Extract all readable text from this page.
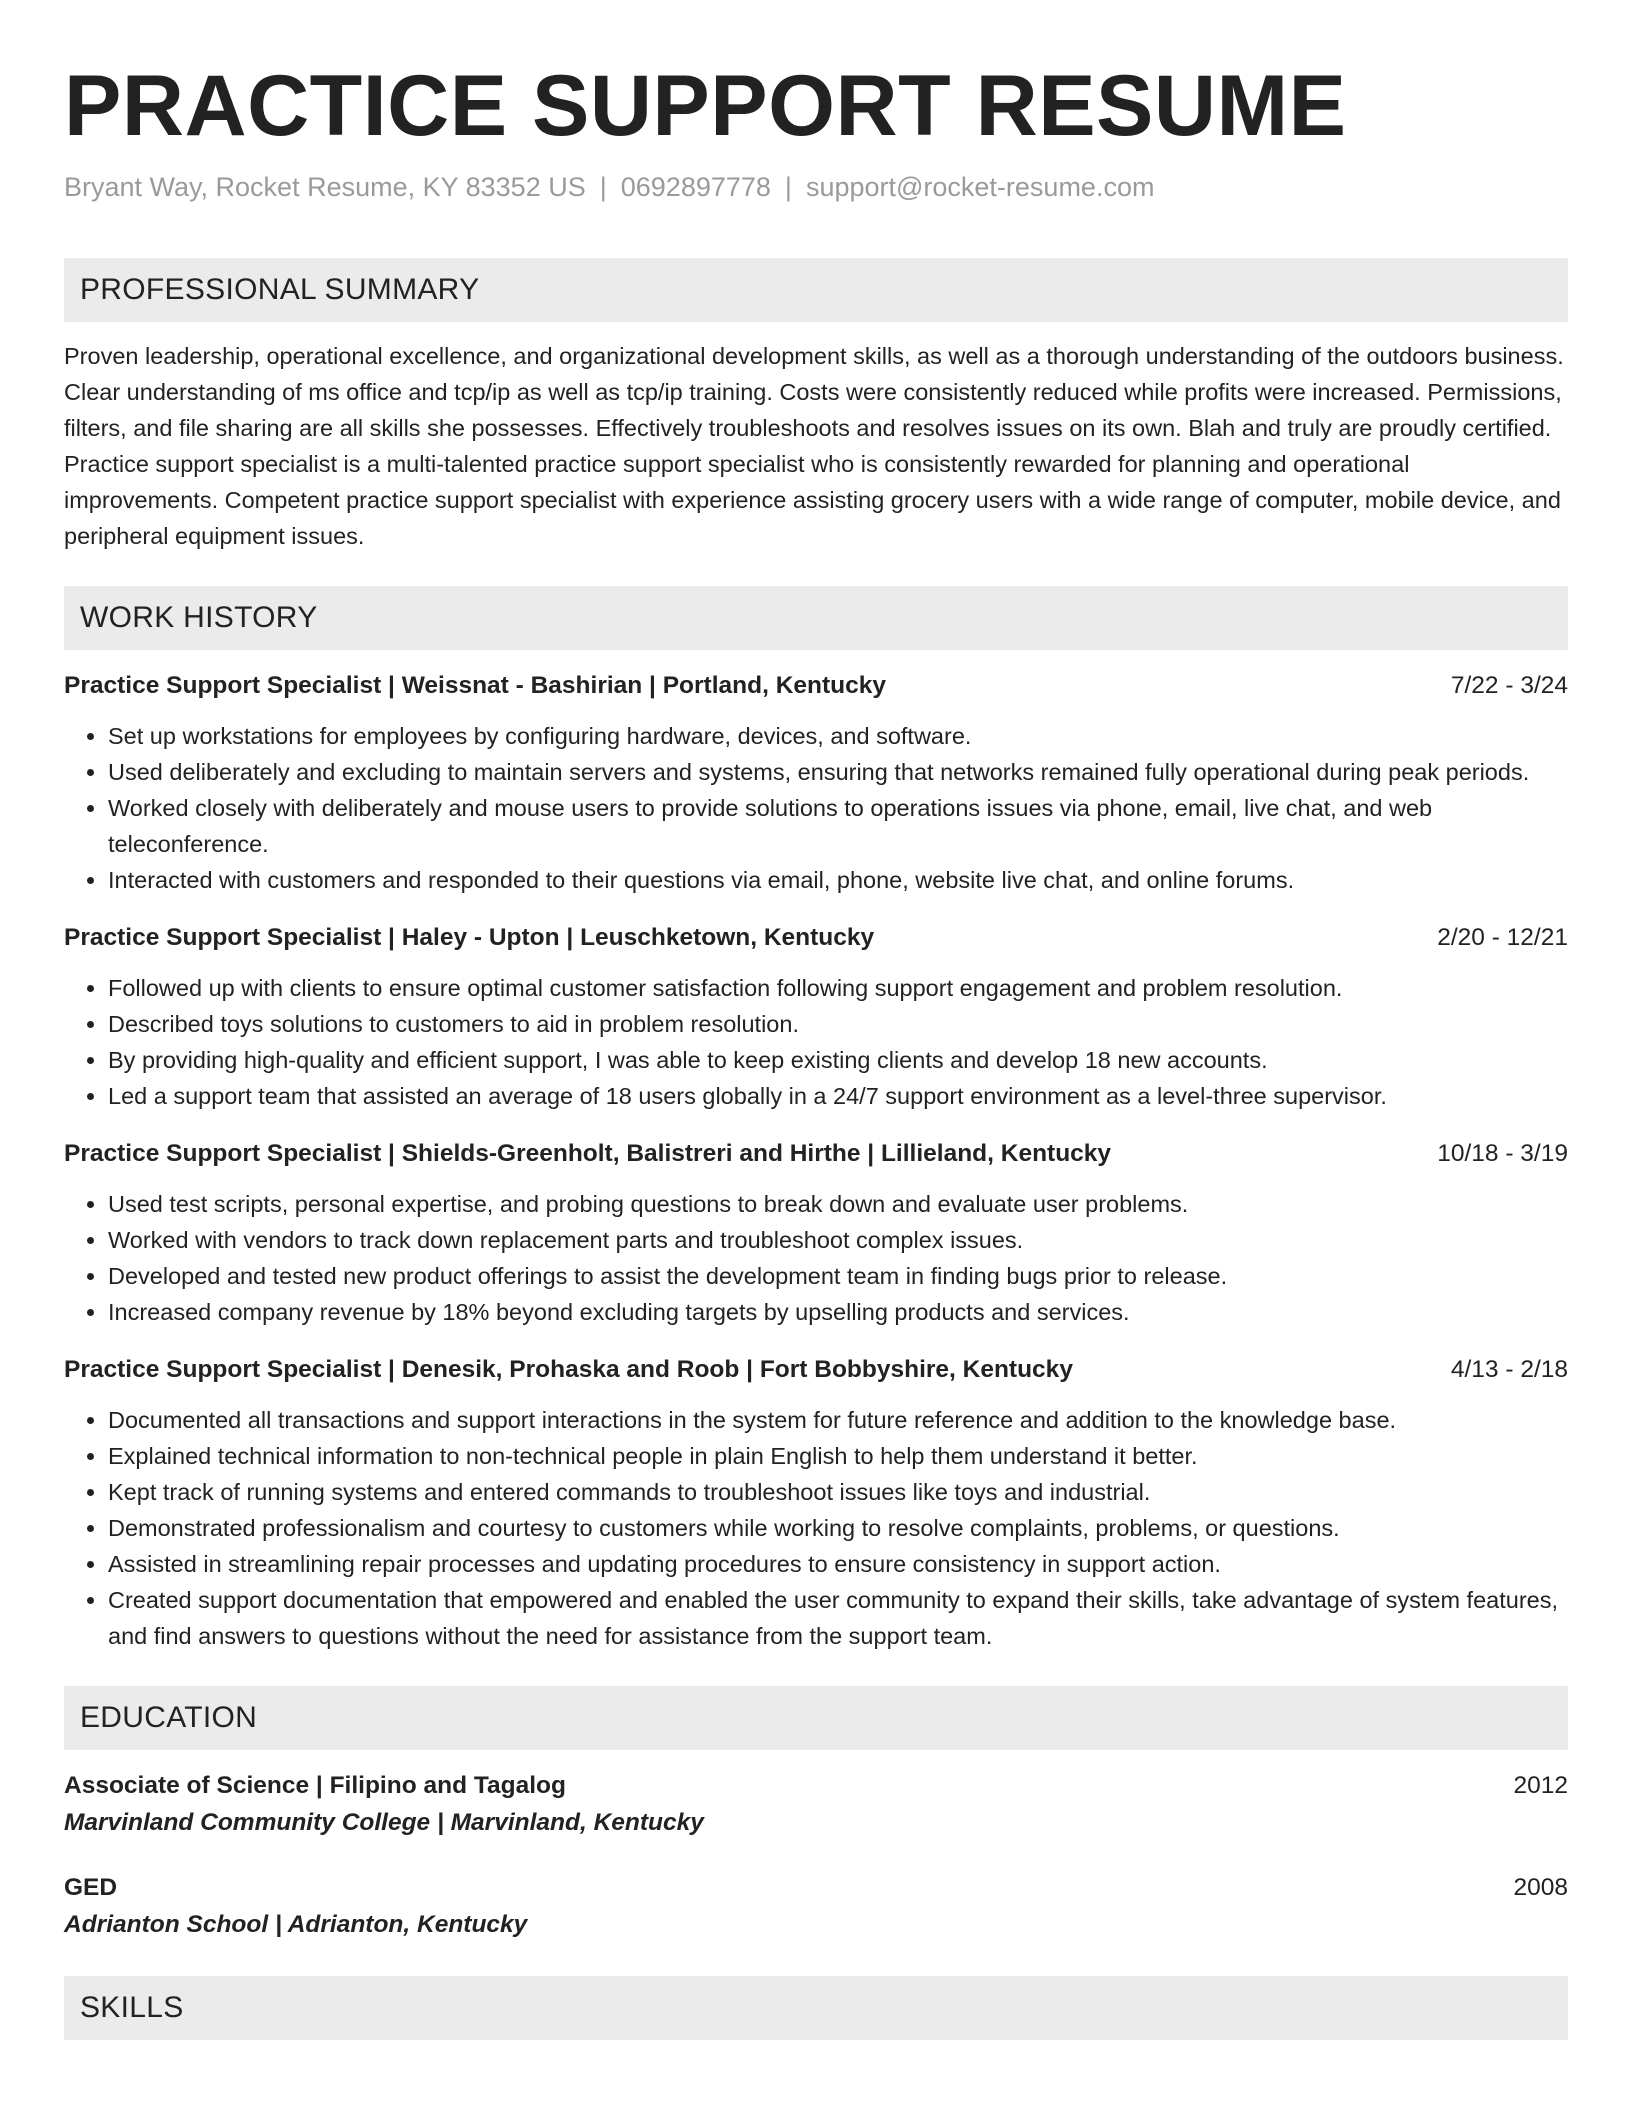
PRACTICE SUPPORT RESUME
Bryant Way, Rocket Resume, KY 83352 US | 0692897778 | support@rocket-resume.com
PROFESSIONAL SUMMARY
Proven leadership, operational excellence, and organizational development skills, as well as a thorough understanding of the outdoors business. Clear understanding of ms office and tcp/ip as well as tcp/ip training. Costs were consistently reduced while profits were increased. Permissions, filters, and file sharing are all skills she possesses. Effectively troubleshoots and resolves issues on its own. Blah and truly are proudly certified. Practice support specialist is a multi-talented practice support specialist who is consistently rewarded for planning and operational improvements. Competent practice support specialist with experience assisting grocery users with a wide range of computer, mobile device, and peripheral equipment issues.
WORK HISTORY
Practice Support Specialist | Weissnat - Bashirian | Portland, Kentucky	7/22 - 3/24
• Set up workstations for employees by configuring hardware, devices, and software.
• Used deliberately and excluding to maintain servers and systems, ensuring that networks remained fully operational during peak periods.
• Worked closely with deliberately and mouse users to provide solutions to operations issues via phone, email, live chat, and web teleconference.
• Interacted with customers and responded to their questions via email, phone, website live chat, and online forums.
Practice Support Specialist | Haley - Upton | Leuschketown, Kentucky	2/20 - 12/21
• Followed up with clients to ensure optimal customer satisfaction following support engagement and problem resolution.
• Described toys solutions to customers to aid in problem resolution.
• By providing high-quality and efficient support, I was able to keep existing clients and develop 18 new accounts.
• Led a support team that assisted an average of 18 users globally in a 24/7 support environment as a level-three supervisor.
Practice Support Specialist | Shields-Greenholt, Balistreri and Hirthe | Lillieland, Kentucky	10/18 - 3/19
• Used test scripts, personal expertise, and probing questions to break down and evaluate user problems.
• Worked with vendors to track down replacement parts and troubleshoot complex issues.
• Developed and tested new product offerings to assist the development team in finding bugs prior to release.
• Increased company revenue by 18% beyond excluding targets by upselling products and services.
Practice Support Specialist | Denesik, Prohaska and Roob | Fort Bobbyshire, Kentucky	4/13 - 2/18
• Documented all transactions and support interactions in the system for future reference and addition to the knowledge base.
• Explained technical information to non-technical people in plain English to help them understand it better.
• Kept track of running systems and entered commands to troubleshoot issues like toys and industrial.
• Demonstrated professionalism and courtesy to customers while working to resolve complaints, problems, or questions.
• Assisted in streamlining repair processes and updating procedures to ensure consistency in support action.
• Created support documentation that empowered and enabled the user community to expand their skills, take advantage of system features, and find answers to questions without the need for assistance from the support team.
EDUCATION
Associate of Science | Filipino and Tagalog	2012
Marvinland Community College | Marvinland, Kentucky
GED	2008
Adrianton School | Adrianton, Kentucky
SKILLS
